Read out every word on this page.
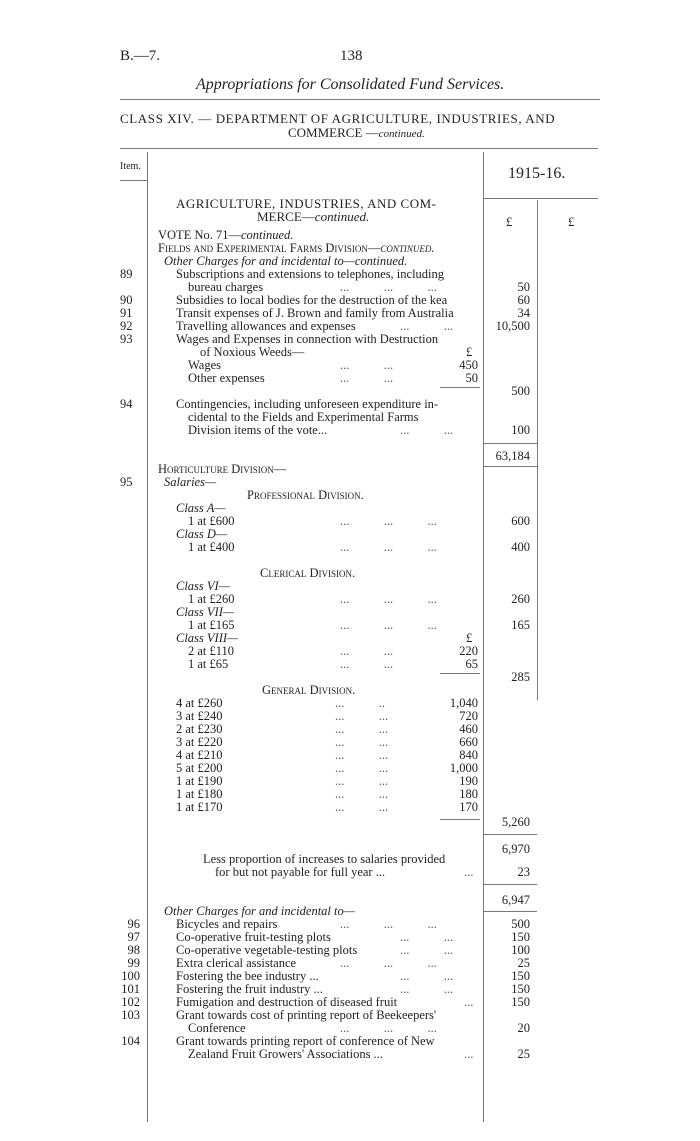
B.—7.	138
Appropriations for Consolidated Fund Services.
CLASS XIV. — DEPARTMENT OF AGRICULTURE, INDUSTRIES, AND
COMMERCE —continued.
Item.	1915-16.
£	£
AGRICULTURE, INDUSTRIES, AND COM-
MERCE—continued.
VOTE No. 71—continued.
Fields and Experimental Farms Division—continued.
Other Charges for and incidental to—continued.
89	Subscriptions and extensions to telephones, including
bureau charges	...           ...           ...	50
90	Subsidies to local bodies for the destruction of the kea	60
91	Transit expenses of J. Brown and family from Australia	34
92	Travelling allowances and expenses	...           ...	10,500
93	Wages and Expenses in connection with Destruction
of Noxious Weeds—	£
Wages	...           ...	450
Other expenses	...           ...	50
500
94	Contingencies, including unforeseen expenditure in-
cidental to the Fields and Experimental Farms
Division items of the vote...	...           ...	100
63,184
Horticulture Division—
95	Salaries—
Professional Division.
Class A—
1 at £600	...           ...           ...	600
Class D—
1 at £400	...           ...           ...	400
Clerical Division.
Class VI—
1 at £260	...           ...           ...	260
Class VII—
1 at £165	...           ...           ...	165
Class VIII—	£
2 at £110	...           ...	220
1 at £65	...           ...	65
285
General Division.
4 at £260	...           ..	1,040
3 at £240	...           ...	720
2 at £230	...           ...	460
3 at £220	...           ...	660
4 at £210	...           ...	840
5 at £200	...           ...	1,000
1 at £190	...           ...	190
1 at £180	...           ...	180
1 at £170	...           ...	170
5,260
6,970
Less proportion of increases to salaries provided
for but not payable for full year ...	...	23
6,947
Other Charges for and incidental to—
96	Bicycles and repairs	...           ...           ...	500
97	Co-operative fruit-testing plots	...           ...	150
98	Co-operative vegetable-testing plots	...           ...	100
99	Extra clerical assistance	...           ...           ...	25
100	Fostering the bee industry ...	...           ...	150
101	Fostering the fruit industry ...	...           ...	150
102	Fumigation and destruction of diseased fruit	...	150
103	Grant towards cost of printing report of Beekeepers'
Conference	...           ...           ...	20
104	Grant towards printing report of conference of New
Zealand Fruit Growers' Associations ...	...	25
